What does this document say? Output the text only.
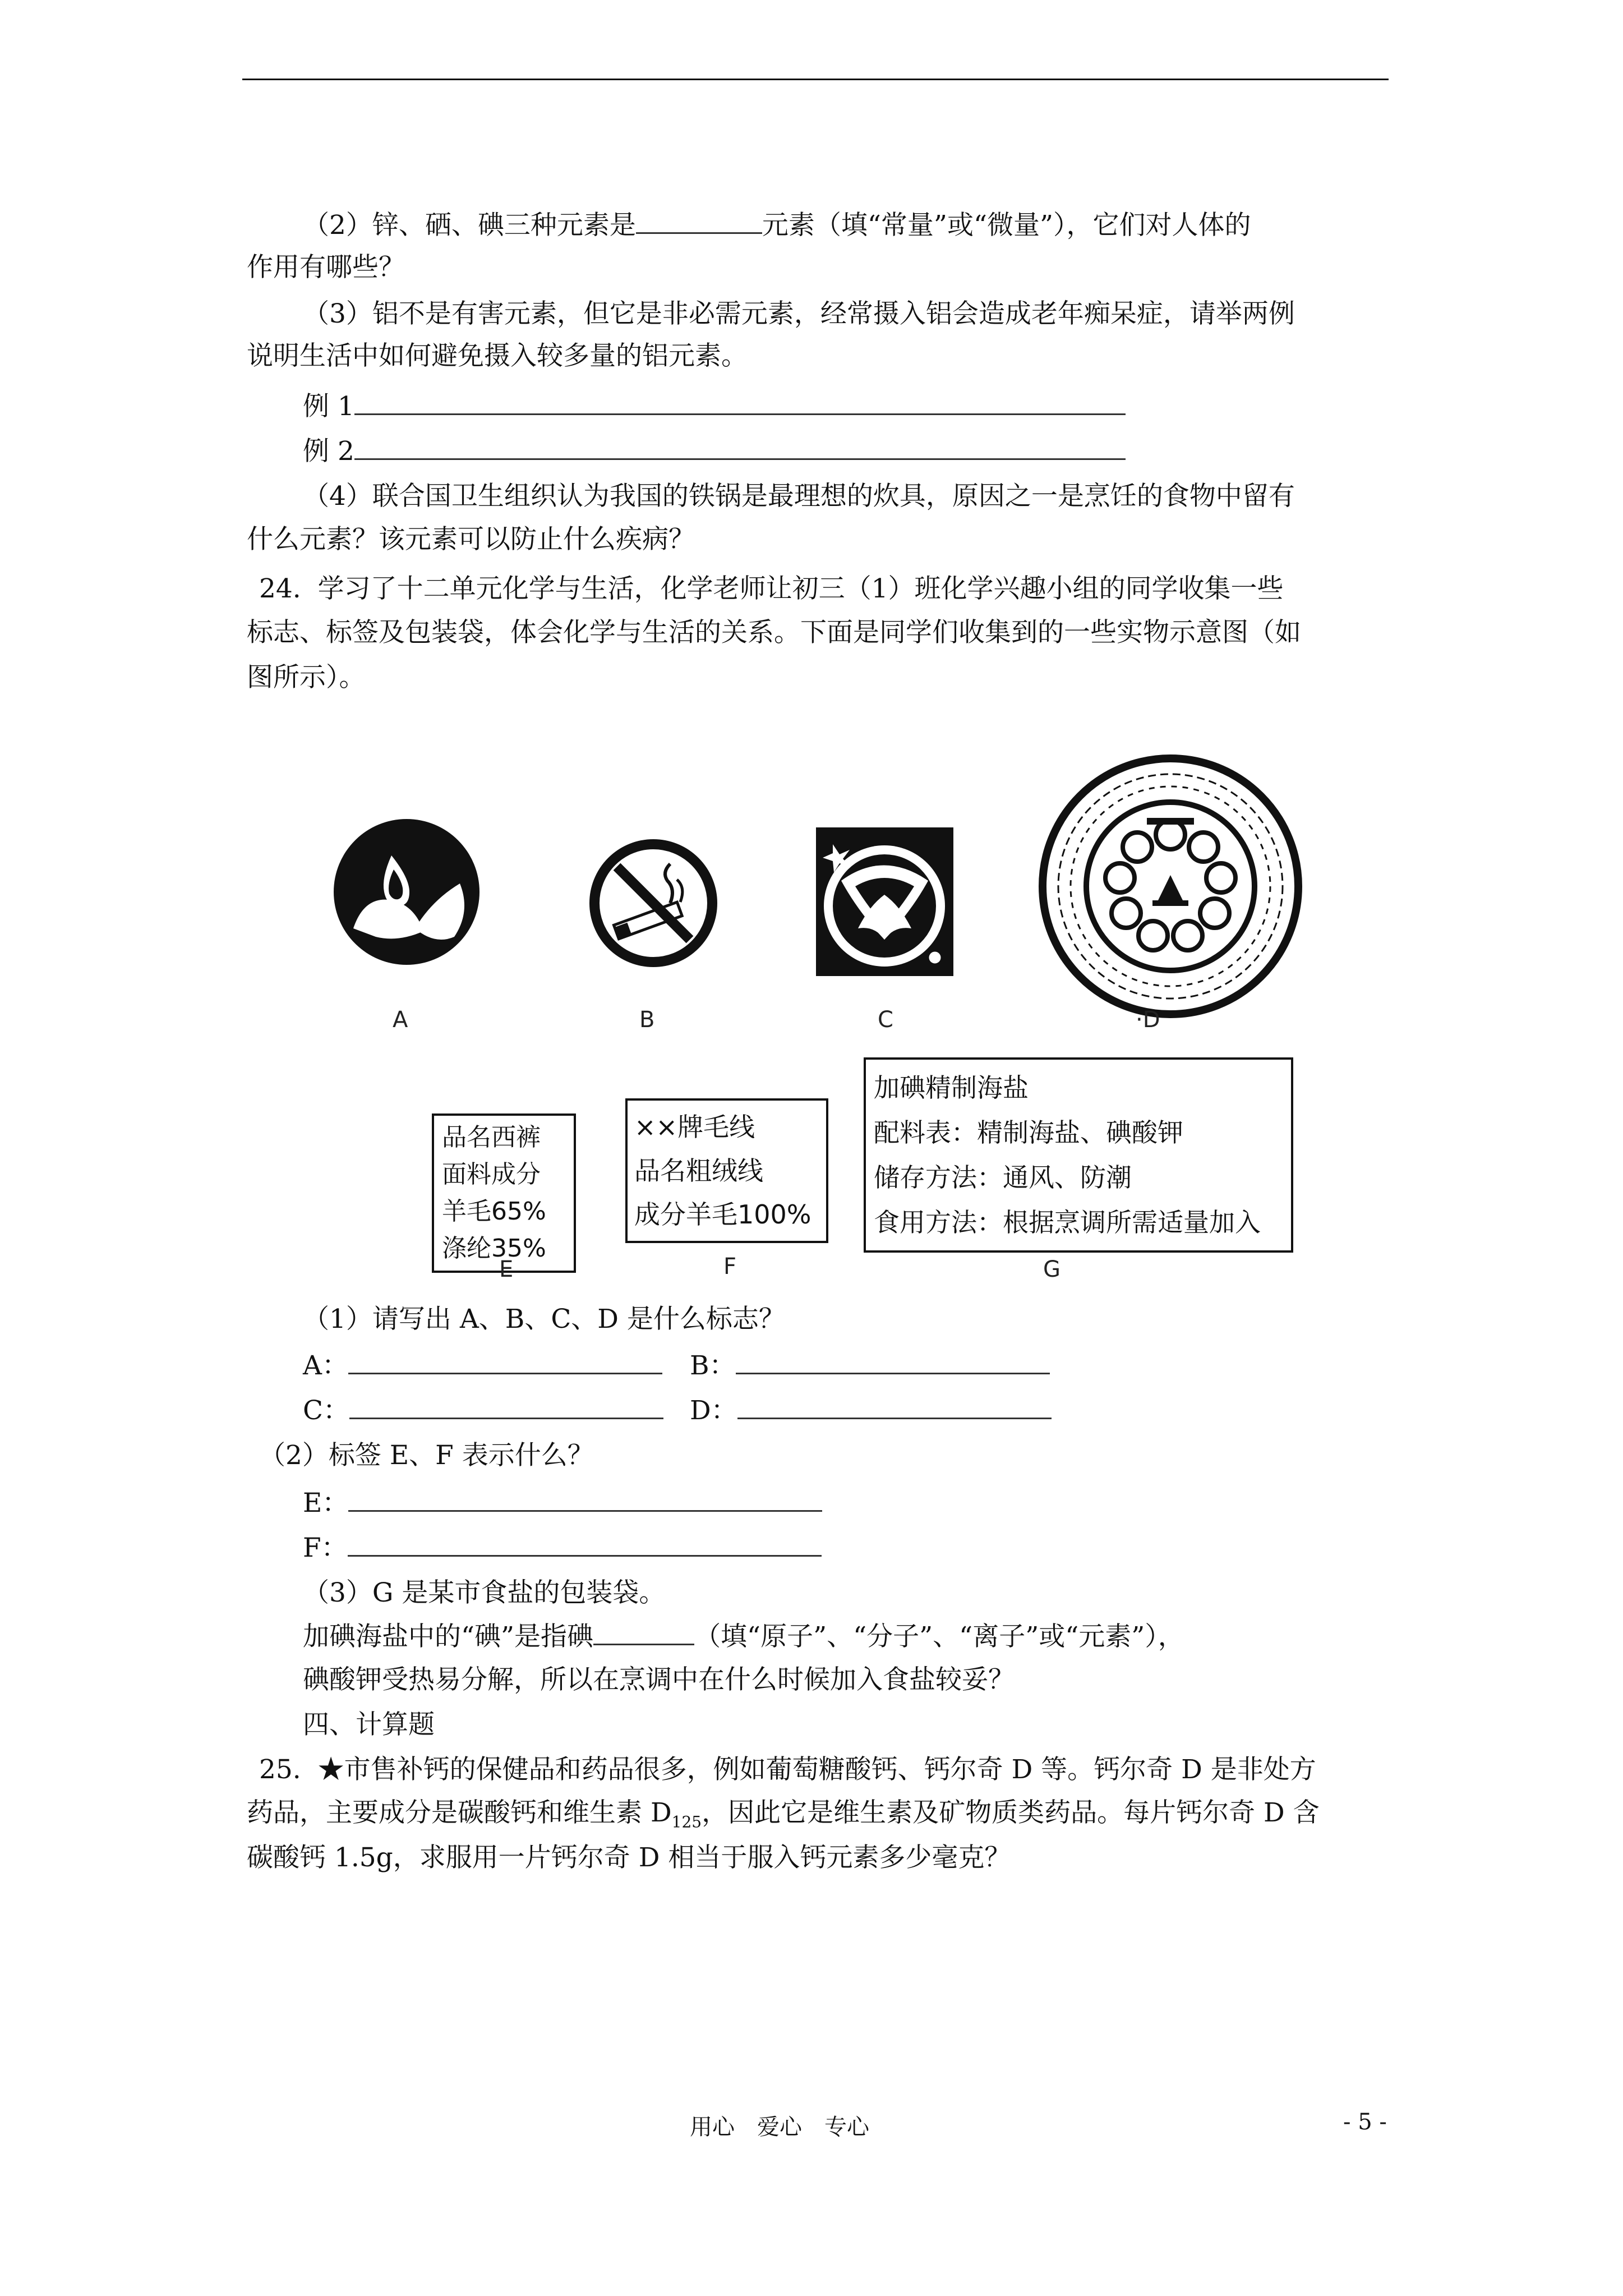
（2）锌、硒、碘三种元素是	元素（填“常量”或“微量”），它们对人体的
作用有哪些？
（3）铝不是有害元素，但它是非必需元素，经常摄入铝会造成老年痴呆症，请举两例
说明生活中如何避免摄入较多量的铝元素。
例 1
例 2
（4）联合国卫生组织认为我国的铁锅是最理想的炊具，原因之一是烹饪的食物中留有
什么元素？该元素可以防止什么疾病？
24.  学习了十二单元化学与生活，化学老师让初三（1）班化学兴趣小组的同学收集一些
标志、标签及包装袋，体会化学与生活的关系。下面是同学们收集到的一些实物示意图（如
图所示）。
A	B	C	·D
品名西裤
面料成分
羊毛65%
涤纶35%
E
××牌毛线
品名粗绒线
成分羊毛100%
F
加碘精制海盐
配料表：精制海盐、碘酸钾
储存方法：通风、防潮
食用方法：根据烹调所需适量加入
G
（1）请写出 A、B、C、D 是什么标志？
A：	B：
C：	D：
（2）标签 E、F 表示什么？
E：
F：
（3）G 是某市食盐的包装袋。
加碘海盐中的“碘”是指碘	（填“原子”、“分子”、“离子”或“元素”），
碘酸钾受热易分解，所以在烹调中在什么时候加入食盐较妥？
四、计算题
25.  ★市售补钙的保健品和药品很多，例如葡萄糖酸钙、钙尔奇 D 等。钙尔奇 D 是非处方
药品，主要成分是碳酸钙和维生素 $D_{125}$，因此它是维生素及矿物质类药品。每片钙尔奇 D 含
碳酸钙 1.5g，求服用一片钙尔奇 D 相当于服入钙元素多少毫克？
用心　爱心　专心	- 5 -
